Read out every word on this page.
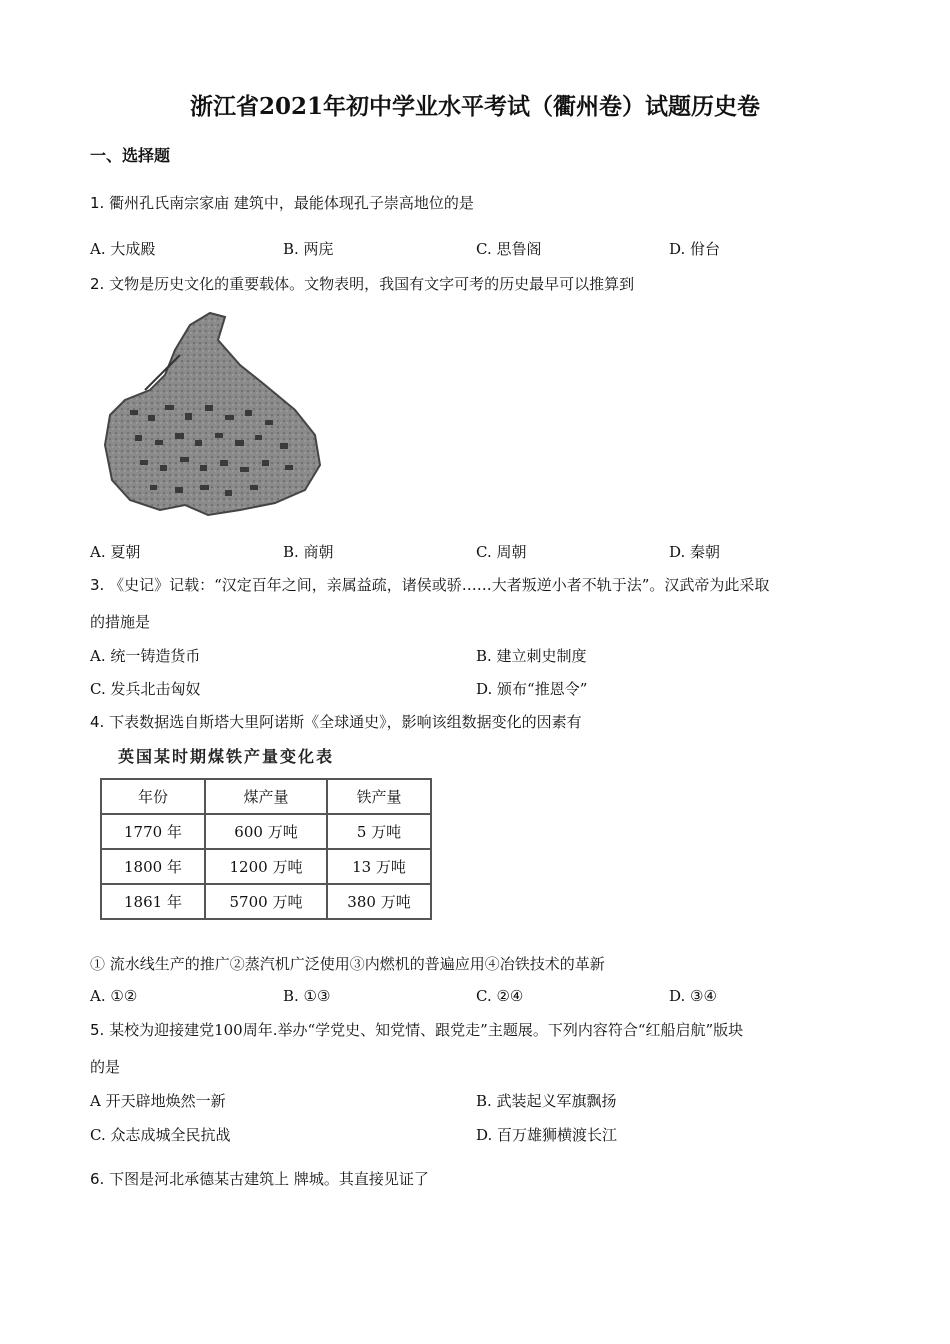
浙江省2021年初中学业水平考试（衢州卷）试题历史卷
一、选择题
1. 衢州孔氏南宗家庙 建筑中，最能体现孔子崇高地位的是
A. 大成殿	B. 两庑	C. 思鲁阁	D. 佾台
2. 文物是历史文化的重要载体。文物表明，我国有文字可考的历史最早可以推算到
A. 夏朝	B. 商朝	C. 周朝	D. 秦朝
3. 《史记》记载：“汉定百年之间，亲属益疏，诸侯或骄……大者叛逆小者不轨于法”。汉武帝为此采取
的措施是
A. 统一铸造货币	B. 建立刺史制度
C. 发兵北击匈奴	D. 颁布“推恩令”
4. 下表数据选自斯塔大里阿诺斯《全球通史》，影响该组数据变化的因素有
英国某时期煤铁产量变化表
年份	煤产量	铁产量
1770 年	600 万吨	5 万吨
1800 年	1200 万吨	13 万吨
1861 年	5700 万吨	380 万吨
① 流水线生产的推广②蒸汽机广泛使用③内燃机的普遍应用④冶铁技术的革新
A. ①②	B. ①③	C. ②④	D. ③④
5. 某校为迎接建党100周年.举办“学党史、知党情、跟党走”主题展。下列内容符合“红船启航”版块
的是
A 开天辟地焕然一新	B. 武装起义军旗飘扬
C. 众志成城全民抗战	D. 百万雄狮横渡长江
6. 下图是河北承德某古建筑上 牌城。其直接见证了
